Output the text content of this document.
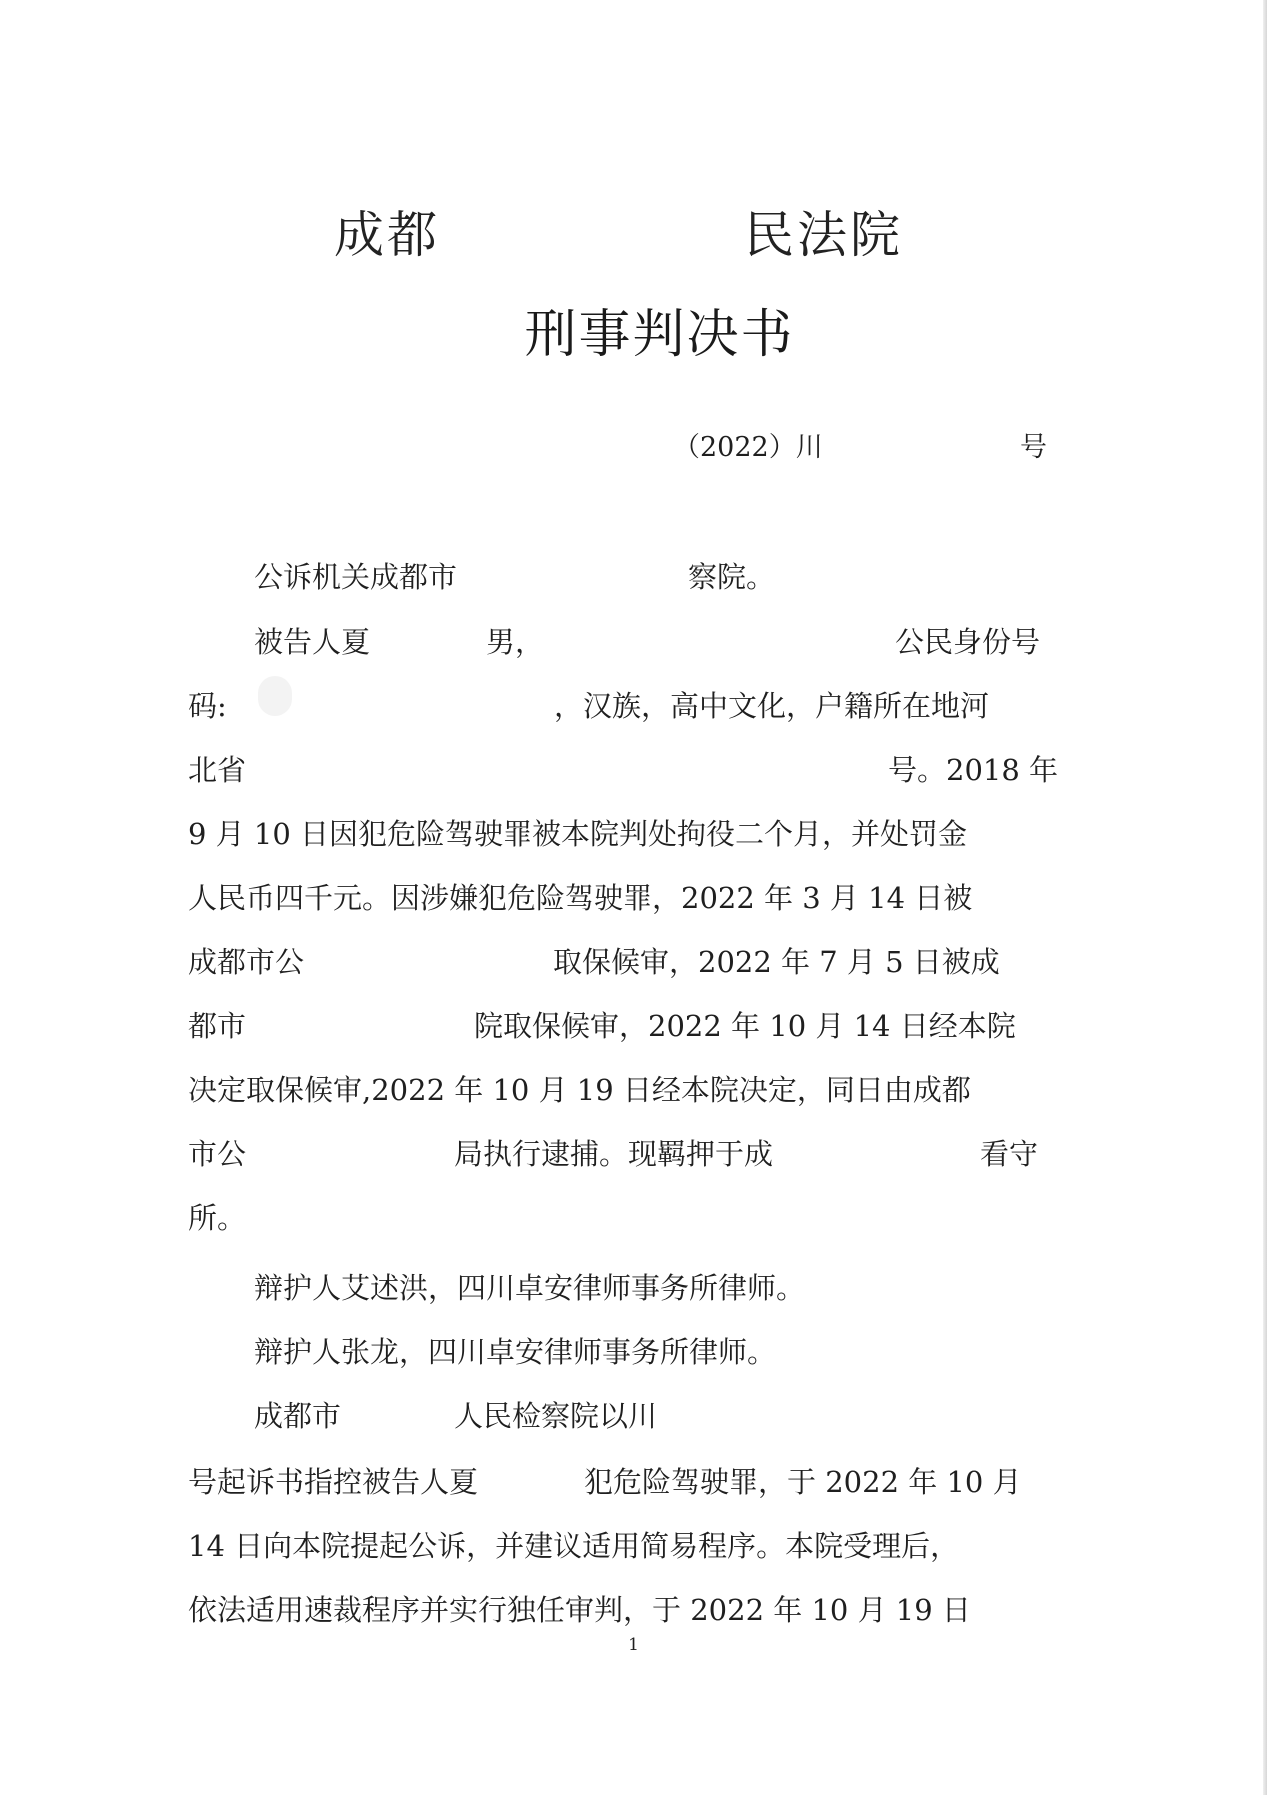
成都	民法院
刑事判决书
（2022）川	号
公诉机关成都市	察院。
被告人夏	男，	公民身份号
码:	，汉族，高中文化，户籍所在地河
北省	号。2018 年
9 月 10 日因犯危险驾驶罪被本院判处拘役二个月，并处罚金
人民币四千元。因涉嫌犯危险驾驶罪，2022 年 3 月 14 日被
成都市公	取保候审，2022 年 7 月 5 日被成
都市	院取保候审，2022 年 10 月 14 日经本院
决定取保候审,2022 年 10 月 19 日经本院决定，同日由成都
市公	局执行逮捕。现羁押于成	看守
所。
辩护人艾述洪，四川卓安律师事务所律师。
辩护人张龙，四川卓安律师事务所律师。
成都市	人民检察院以川
号起诉书指控被告人夏	犯危险驾驶罪，于 2022 年 10 月
14 日向本院提起公诉，并建议适用简易程序。本院受理后，
依法适用速裁程序并实行独任审判，于 2022 年 10 月 19 日
1
